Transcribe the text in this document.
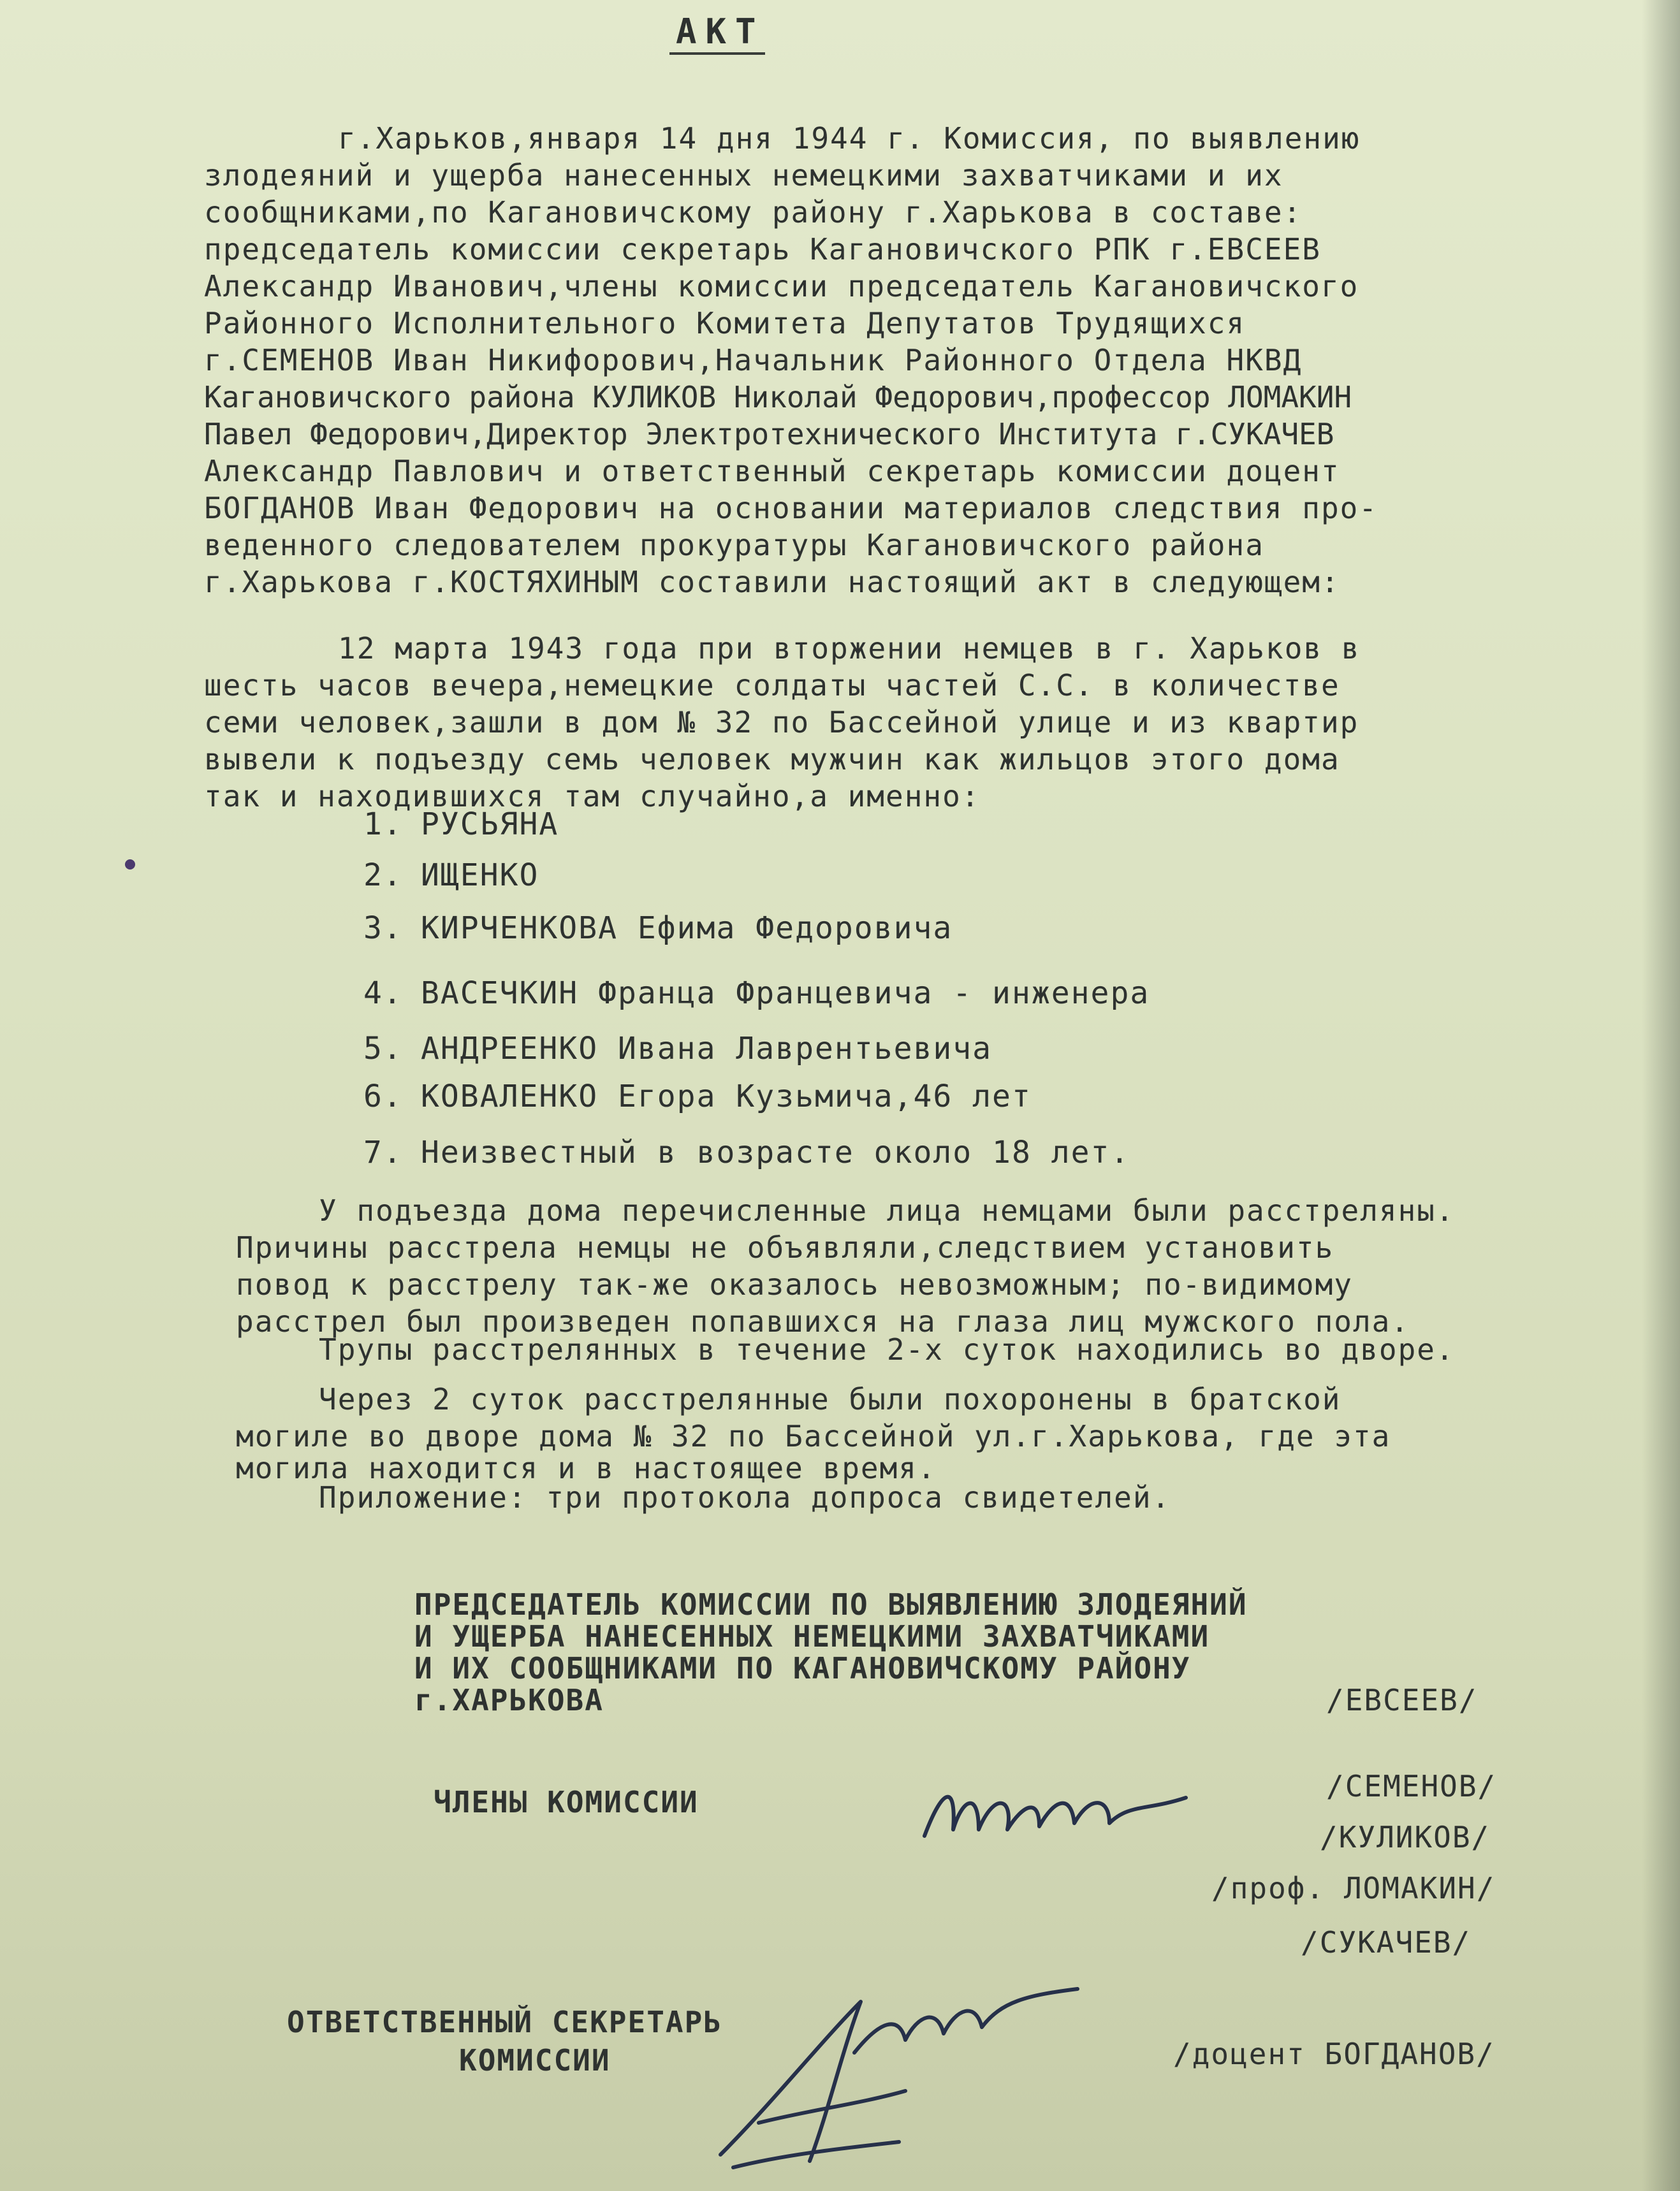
АКТ
г.Харьков,января 14 дня 1944 г. Комиссия, по выявлению
злодеяний и ущерба нанесенных немецкими захватчиками и их
сообщниками,по Кагановичскому району г.Харькова в составе:
председатель комиссии секретарь Кагановичского РПК г.ЕВСЕЕВ
Александр Иванович,члены комиссии председатель Кагановичского
Районного Исполнительного Комитета Депутатов Трудящихся
г.СЕМЕНОВ Иван Никифорович,Начальник Районного Отдела НКВД
Кагановичского района КУЛИКОВ Николай Федорович,профессор ЛОМАКИН
Павел Федорович,Директор Электротехнического Института г.СУКАЧЕВ
Александр Павлович и ответственный секретарь комиссии доцент
БОГДАНОВ Иван Федорович на основании материалов следствия про-
веденного следователем прокуратуры Кагановичского района
г.Харькова г.КОСТЯХИНЫМ составили настоящий акт в следующем:
12 марта 1943 года при вторжении немцев в г. Харьков в
шесть часов вечера,немецкие солдаты частей С.С. в количестве
семи человек,зашли в дом № 32 по Бассейной улице и из квартир
вывели к подъезду семь человек мужчин как жильцов этого дома
так и находившихся там случайно,а именно:
1. РУСЬЯНА
2. ИЩЕНКО
3. КИРЧЕНКОВА Ефима Федоровича
4. ВАСЕЧКИН Франца Францевича - инженера
5. АНДРЕЕНКО Ивана Лаврентьевича
6. КОВАЛЕНКО Егора Кузьмича,46 лет
7. Неизвестный в возрасте около 18 лет.
У подъезда дома перечисленные лица немцами были расстреляны.
Причины расстрела немцы не объявляли,следствием установить
повод к расстрелу так-же оказалось невозможным; по-видимому
расстрел был произведен попавшихся на глаза лиц мужского пола.
Трупы расстрелянных в течение 2-х суток находились во дворе.
Через 2 суток расстрелянные были похоронены в братской
могиле во дворе дома № 32 по Бассейной ул.г.Харькова, где эта
могила находится и в настоящее время.
Приложение: три протокола допроса свидетелей.
ПРЕДСЕДАТЕЛЬ КОМИССИИ ПО ВЫЯВЛЕНИЮ ЗЛОДЕЯНИЙ
И УЩЕРБА НАНЕСЕННЫХ НЕМЕЦКИМИ ЗАХВАТЧИКАМИ
И ИХ СООБЩНИКАМИ ПО КАГАНОВИЧСКОМУ РАЙОНУ
г.ХАРЬКОВА	/ЕВСЕЕВ/
ЧЛЕНЫ КОМИССИИ	/СЕМЕНОВ/
/КУЛИКОВ/
/проф. ЛОМАКИН/
/СУКАЧЕВ/
ОТВЕТСТВЕННЫЙ СЕКРЕТАРЬ
КОМИССИИ	/доцент БОГДАНОВ/
